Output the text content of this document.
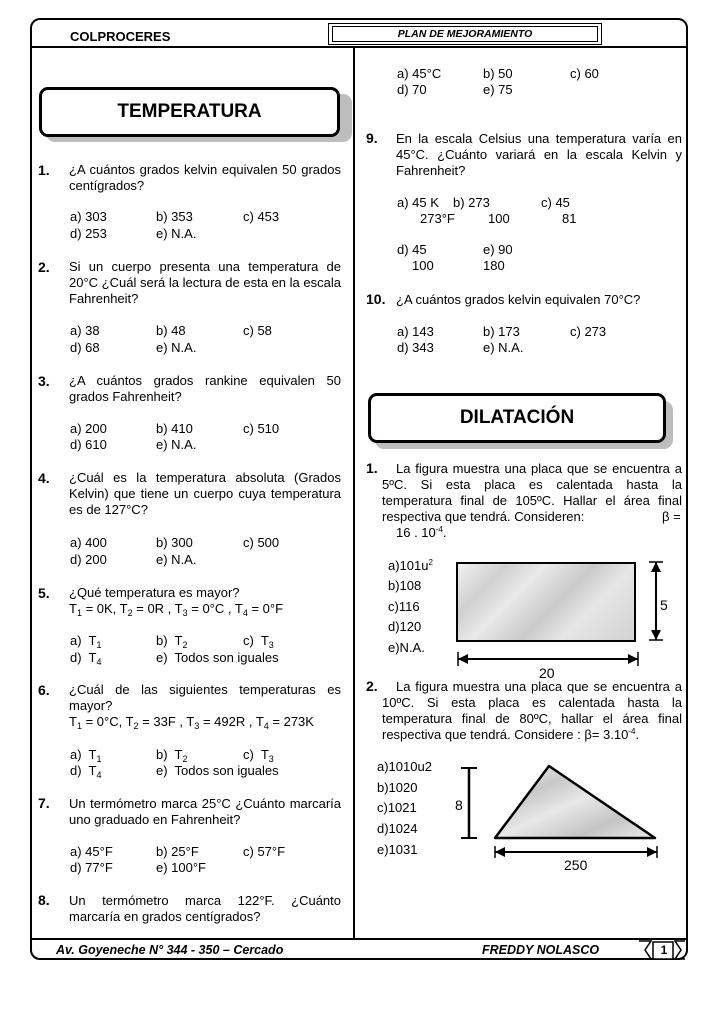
COLPROCERES	PLAN DE MEJORAMIENTO
TEMPERATURA
1. ¿A cuántos grados kelvin equivalen 50 grados centígrados?
a) 303	b) 353	c) 453
d) 253	e) N.A.
2. Si un cuerpo presenta una temperatura de 20°C ¿Cuál será la lectura de esta en la escala Fahrenheit?
a) 38	b) 48	c) 58
d) 68	e) N.A.
3. ¿A cuántos grados rankine equivalen 50 grados Fahrenheit?
a) 200	b) 410	c) 510
d) 610	e) N.A.
4. ¿Cuál es la temperatura absoluta (Grados Kelvin) que tiene un cuerpo cuya temperatura es de 127°C?
a) 400	b) 300	c) 500
d) 200	e) N.A.
5. ¿Qué temperatura es mayor?
$T_1 = 0K$, $T_2 = 0R$ , $T_3 = 0^\circ C$ , $T_4 = 0^\circ F$
a)  $T_1$	b)  $T_2$	c)  $T_3$
d)  $T_4$	e)  Todos son iguales
6. ¿Cuál de las siguientes temperaturas es mayor?
$T_1 = 0^\circ C$, $T_2 = 33F$ , $T_3 = 492R$ , $T_4 = 273K$
a)  $T_1$	b)  $T_2$	c)  $T_3$
d)  $T_4$	e)  Todos son iguales
7. Un termómetro marca 25°C ¿Cuánto marcaría uno graduado en Fahrenheit?
a) 45°F	b) 25°F	c) 57°F
d) 77°F	e) 100°F
8. Un termómetro marca 122°F. ¿Cuánto marcaría en grados centígrados?
a) 45°C	b) 50	c) 60
d) 70	e) 75
9. En la escala Celsius una temperatura varía en 45°C. ¿Cuánto variará en la escala Kelvin y Fahrenheit?
a) 45 K b) 273	c) 45
273°F	100	81
d) 45	e) 90
100	180
10. ¿A cuántos grados kelvin equivalen 70°C?
a) 143	b) 173	c) 273
d) 343	e) N.A.
DILATACIÓN
1.	La figura muestra una placa que se encuentra a 5ºC. Si esta placa es calentada hasta la temperatura final de 105ºC. Hallar el área final respectiva que tendrá. Consideren:	β =
16 . $10^{-4}$.
$a)101u^2$
b)108
c)116
d)120
e)N.A.
5
20
2.	La figura muestra una placa que se encuentra a 10ºC. Si esta placa es calentada hasta la temperatura final de 80ºC, hallar el área final respectiva que tendrá. Considere : $\beta= 3.10^{-4}$.
a)1010u2
b)1020
c)1021
d)1024
e)1031
8
250
Av. Goyeneche N° 344 - 350 – Cercado	FREDDY NOLASCO	1
